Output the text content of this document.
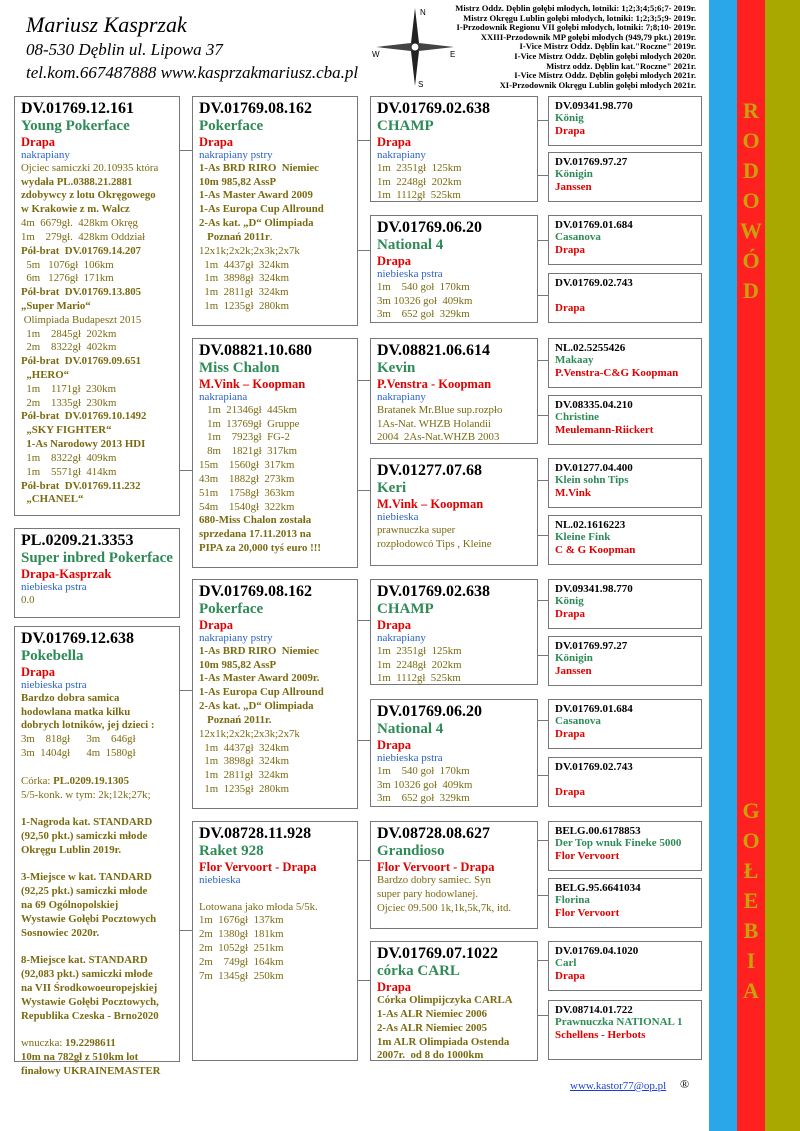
R
O
D
O
W
Ó
D
G
O
Ł
E
B
I
A
Mariusz Kasprzak
08-530 Dęblin ul. Lipowa 37
tel.kom.667487888 www.kasprzakmariusz.cba.pl
N
S
W	E
Mistrz Oddz. Dęblin gołębi młodych, lotniki: 1;2;3;4;5;6;7- 2019r.
Mistrz Okręgu Lublin gołębi młodych, lotniki: 1;2;3;5;9- 2019r.
I-Przodownik Regionu VII gołębi młodych, lotniki: 7;8;10- 2019r.
XXIII-Przodownik MP gołębi młodych (949,79 pkt.) 2019r.
I-Vice Mistrz Oddz. Dęblin kat."Roczne" 2019r.
I-Vice Mistrz Oddz. Dęblin gołębi młodych 2020r.
Mistrz oddz. Dęblin kat."Roczne" 2021r.
I-Vice Mistrz Oddz. Dęblin gołębi młodych 2021r.
XI-Przodownik Okręgu Lublin gołębi młodych 2021r.
DV.01769.12.161
Young Pokerface
Drapa
nakrapiany
Ojciec samiczki 20.10935 która
wydała PL.0388.21.2881
zdobywcy z lotu Okręgowego
w Krakowie z m. Walcz
4m  6679gł.  428km Okręg
1m    279gł.  428km Oddział
Pół-brat  DV.01769.14.207
5m   1076gł  106km
6m   1276gł  171km
Pół-brat  DV.01769.13.805
„Super Mario“
Olimpiada Budapeszt 2015
1m    2845gł  202km
2m    8322gł  402km
Pół-brat  DV.01769.09.651
„HERO“
1m    1171gł  230km
2m    1335gł  230km
Pół-brat  DV.01769.10.1492
„SKY FIGHTER“
1-As Narodowy 2013 HDI
1m    8322gł  409km
1m    5571gł  414km
Pół-brat  DV.01769.11.232
„CHANEL“
PL.0209.21.3353
Super inbred Pokerface
Drapa-Kasprzak
niebieska pstra
0.0
DV.01769.12.638
Pokebella
Drapa
niebieska pstra
Bardzo dobra samica
hodowlana matka kilku
dobrych lotników, jej dzieci :
3m    818gł      3m    646gł
3m  1404gł      4m  1580gł

Córka: PL.0209.19.1305
5/5-konk. w tym: 2k;12k;27k;

1-Nagroda kat. STANDARD
(92,50 pkt.) samiczki młode
Okręgu Lublin 2019r.

3-Miejsce w kat. TANDARD
(92,25 pkt.) samiczki młode
na 69 Ogólnopolskiej
Wystawie Gołębi Pocztowych
Sosnowiec 2020r.

8-Miejsce kat. STANDARD
(92,083 pkt.) samiczki młode
na VII Środkowoeuropejskiej
Wystawie Gołębi Pocztowych,
Republika Czeska - Brno2020

wnuczka: 19.2298611
10m na 782gł z 510km lot
finałowy UKRAINEMASTER
DV.01769.08.162
Pokerface
Drapa
nakrapiany pstry
1-As BRD RIRO  Niemiec
10m 985,82 AssP
1-As Master Award 2009
1-As Europa Cup Allround
2-As kat. „D“ Olimpiada
Poznań 2011r.
12x1k;2x2k;2x3k;2x7k
1m  4437gł  324km
1m  3898gł  324km
1m  2811gł  324km
1m  1235gł  280km
DV.08821.10.680
Miss Chalon
M.Vink – Koopman
nakrapiana
1m  21346gł  445km
1m  13769gł  Gruppe
1m    7923gł  FG-2
8m    1821gł  317km
15m    1560gł  317km
43m    1882gł  273km
51m    1758gł  363km
54m    1540gł  322km
680-Miss Chalon została
sprzedana 17.11.2013 na
PIPA za 20,000 tyś euro !!!
DV.01769.08.162
Pokerface
Drapa
nakrapiany pstry
1-As BRD RIRO  Niemiec
10m 985,82 AssP
1-As Master Award 2009r.
1-As Europa Cup Allround
2-As kat. „D“ Olimpiada
Poznań 2011r.
12x1k;2x2k;2x3k;2x7k
1m  4437gł  324km
1m  3898gł  324km
1m  2811gł  324km
1m  1235gł  280km
DV.08728.11.928
Raket 928
Flor Vervoort - Drapa
niebieska

Lotowana jako młoda 5/5k.
1m  1676gł  137km
2m  1380gł  181km
2m  1052gł  251km
2m    749gł  164km
7m  1345gł  250km
DV.01769.02.638
CHAMP
Drapa
nakrapiany
1m  2351gł  125km
1m  2248gł  202km
1m  1112gł  525km
DV.01769.06.20
National 4
Drapa
niebieska pstra
1m    540 goł  170km
3m 10326 goł  409km
3m    652 goł  329km
DV.08821.06.614
Kevin
P.Venstra - Koopman
nakrapiany
Bratanek Mr.Blue sup.rozpło
1As-Nat. WHZB Holandii
2004  2As-Nat.WHZB 2003
DV.01277.07.68
Keri
M.Vink – Koopman
niebieska
prawnuczka super
rozpłodowcó Tips , Kleine
DV.01769.02.638
CHAMP
Drapa
nakrapiany
1m  2351gł  125km
1m  2248gł  202km
1m  1112gł  525km
DV.01769.06.20
National 4
Drapa
niebieska pstra
1m    540 goł  170km
3m 10326 goł  409km
3m    652 goł  329km
DV.08728.08.627
Grandioso
Flor Vervoort - Drapa
Bardzo dobry samiec. Syn
super pary hodowlanej.
Ojciec 09.500 1k,1k,5k,7k, itd.
DV.01769.07.1022
córka CARL
Drapa
Córka Olimpijczyka CARLA
1-As ALR Niemiec 2006
2-As ALR Niemiec 2005
1m ALR Olimpiada Ostenda
2007r.  od 8 do 1000km
DV.09341.98.770
König
Drapa
DV.01769.97.27
Königin
Janssen
DV.01769.01.684
Casanova
Drapa
DV.01769.02.743
Drapa
NL.02.5255426
Makaay
P.Venstra-C&G Koopman
DV.08335.04.210
Christine
Meulemann-Riickert
DV.01277.04.400
Klein sohn Tips
M.Vink
NL.02.1616223
Kleine Fink
C & G Koopman
DV.09341.98.770
König
Drapa
DV.01769.97.27
Königin
Janssen
DV.01769.01.684
Casanova
Drapa
DV.01769.02.743
Drapa
BELG.00.6178853
Der Top wnuk Fineke 5000
Flor Vervoort
BELG.95.6641034
Florina
Flor Vervoort
DV.01769.04.1020
Carl
Drapa
DV.08714.01.722
Prawnuczka NATIONAL 1
Schellens - Herbots
www.kastor77@op.pl ®
